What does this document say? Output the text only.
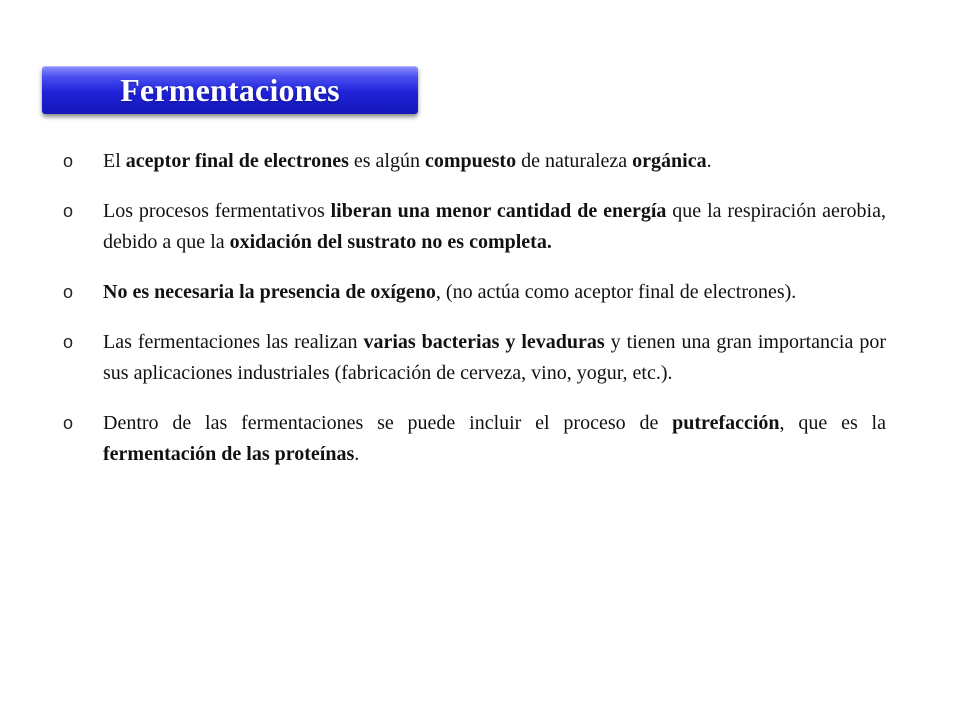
Fermentaciones
o El aceptor final de electrones es algún compuesto de naturaleza orgánica.
o Los procesos fermentativos liberan una menor cantidad de energía que la respiración aerobia, debido a que la oxidación del sustrato no es completa.
o No es necesaria la presencia de oxígeno, (no actúa como aceptor final de electrones).
o Las fermentaciones las realizan varias bacterias y levaduras y tienen una gran importancia por sus aplicaciones industriales (fabricación de cerveza, vino, yogur, etc.).
o Dentro de las fermentaciones se puede incluir el proceso de putrefacción, que es la fermentación de las proteínas.
